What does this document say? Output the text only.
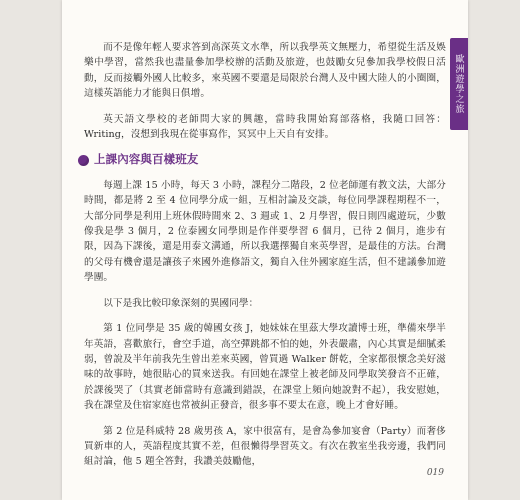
歐洲遊學之旅

而不是像年輕人要求答到高深英文水準，所以我學英文無壓力，希望從生活及娛樂中學習，當然我也盡量參加學校辦的活動及旅遊，也鼓勵女兒參加我學校假日活動，反而接觸外國人比較多，來英國不要還是局限於台灣人及中國大陸人的小圈圈，這樣英語能力才能與日俱增。

英天語文學校的老師問大家的興趣，當時我開始寫部落格，我隨口回答：Writing，沒想到我現在從事寫作，冥冥中上天自有安排。

上課內容與百樣班友

每週上課 15 小時，每天 3 小時，課程分二階段，2 位老師運有教文法，大部分時間，都是將 2 至 4 位同學分成一組，互相討論及交談，每位同學課程期程不一，大部分同學是利用上班休假時間來 2、3 週或 1、2 月學習，假日則四處遊玩，少數像我是學 3 個月，2 位泰國女同學則是作伴要學習 6 個月，已待 2 個月，進步有限，因為下課後，還是用泰文溝通，所以我選擇獨自來英學習，是最佳的方法。台灣的父母有機會還是讓孩子來國外進修語文，獨自入住外國家庭生活，但不建議參加遊學團。

以下是我比較印象深刻的異國同學：

第 1 位同學是 35 歲的韓國女孩 J，她妹妹在里茲大學攻讀博士班，準備來學半年英語，喜歡旅行，會空手道，高空彈跳都不怕的她，外表嚴肅，內心其實是細膩柔弱，曾說及半年前我先生曾出差來英國，曾買過 Walker 餅乾，全家都很懷念美好滋味的故事時，她很貼心的買來送我。有回她在課堂上被老師及同學取笑發音不正確，於課後哭了（其實老師當時有意識到錯誤，在課堂上頻向她說對不起），我安慰她，我在課堂及住宿家庭也常被糾正發音，很多事不要太在意，晚上才會好睡。

第 2 位是科威特 28 歲男孩 A，家中很富有，是會為參加宴會（Party）而奢侈買新車的人，英語程度其實不差，但很懶得學習英文。有次在教室坐我旁邊，我們同組討論，他 5 題全答對，我讚美鼓勵他，

019
